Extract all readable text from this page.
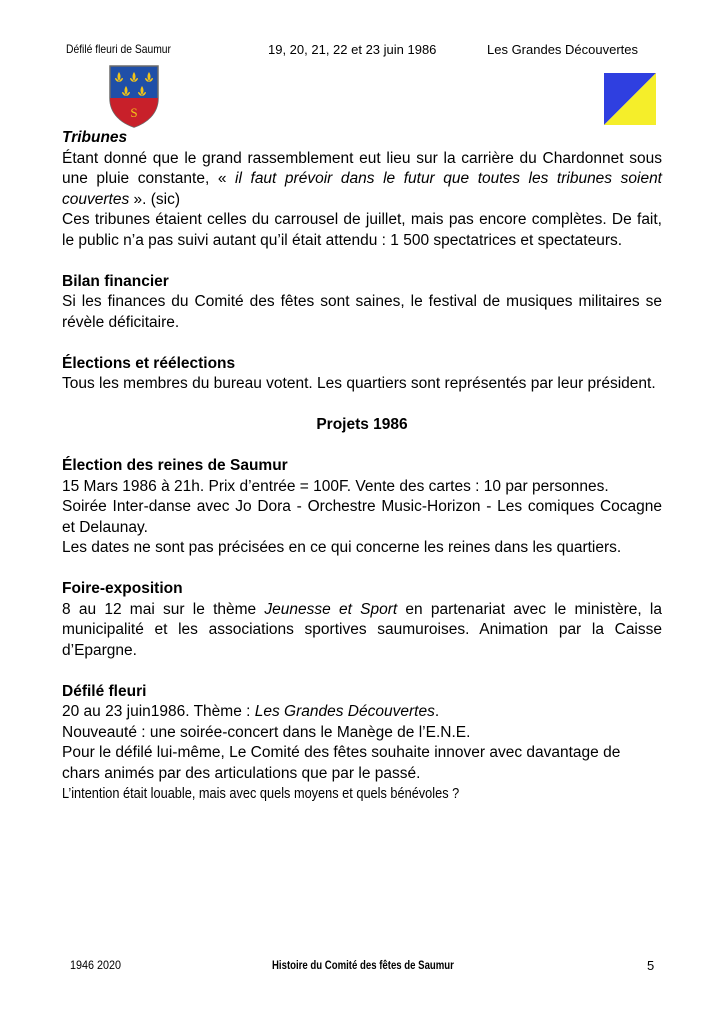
Défilé fleuri de Saumur	19, 20, 21, 22 et 23 juin 1986	Les Grandes Découvertes
S

Tribunes

Étant donné que le grand rassemblement eut lieu sur la carrière du Chardonnet sous une pluie constante, « il faut prévoir dans le futur que toutes les tribunes soient couvertes ». (sic)

Ces tribunes étaient celles du carrousel de juillet, mais pas encore complètes. De fait, le public n’a pas suivi autant qu’il était attendu : 1 500 spectatrices et spectateurs.

Bilan financier

Si les finances du Comité des fêtes sont saines, le festival de musiques militaires se révèle déficitaire.

Élections et réélections

Tous les membres du bureau votent. Les quartiers sont représentés par leur président.

Projets 1986

Élection des reines de Saumur

15 Mars 1986 à 21h. Prix d’entrée = 100F. Vente des cartes : 10 par personnes.

Soirée Inter-danse avec Jo Dora - Orchestre Music-Horizon - Les comiques Cocagne et Delaunay.

Les dates ne sont pas précisées en ce qui concerne les reines dans les quartiers.

Foire-exposition

8 au 12 mai sur le thème Jeunesse et Sport en partenariat avec le ministère, la municipalité et les associations sportives saumuroises. Animation par la Caisse d’Epargne.

Défilé fleuri

20 au 23 juin1986. Thème : Les Grandes Découvertes.

Nouveauté : une soirée-concert dans le Manège de l’E.N.E.

Pour le défilé lui-même, Le Comité des fêtes souhaite innover avec davantage de chars animés par des articulations que par le passé.

L’intention était louable, mais avec quels moyens et quels bénévoles ?

1946 2020	Histoire du Comité des fêtes de Saumur	5
